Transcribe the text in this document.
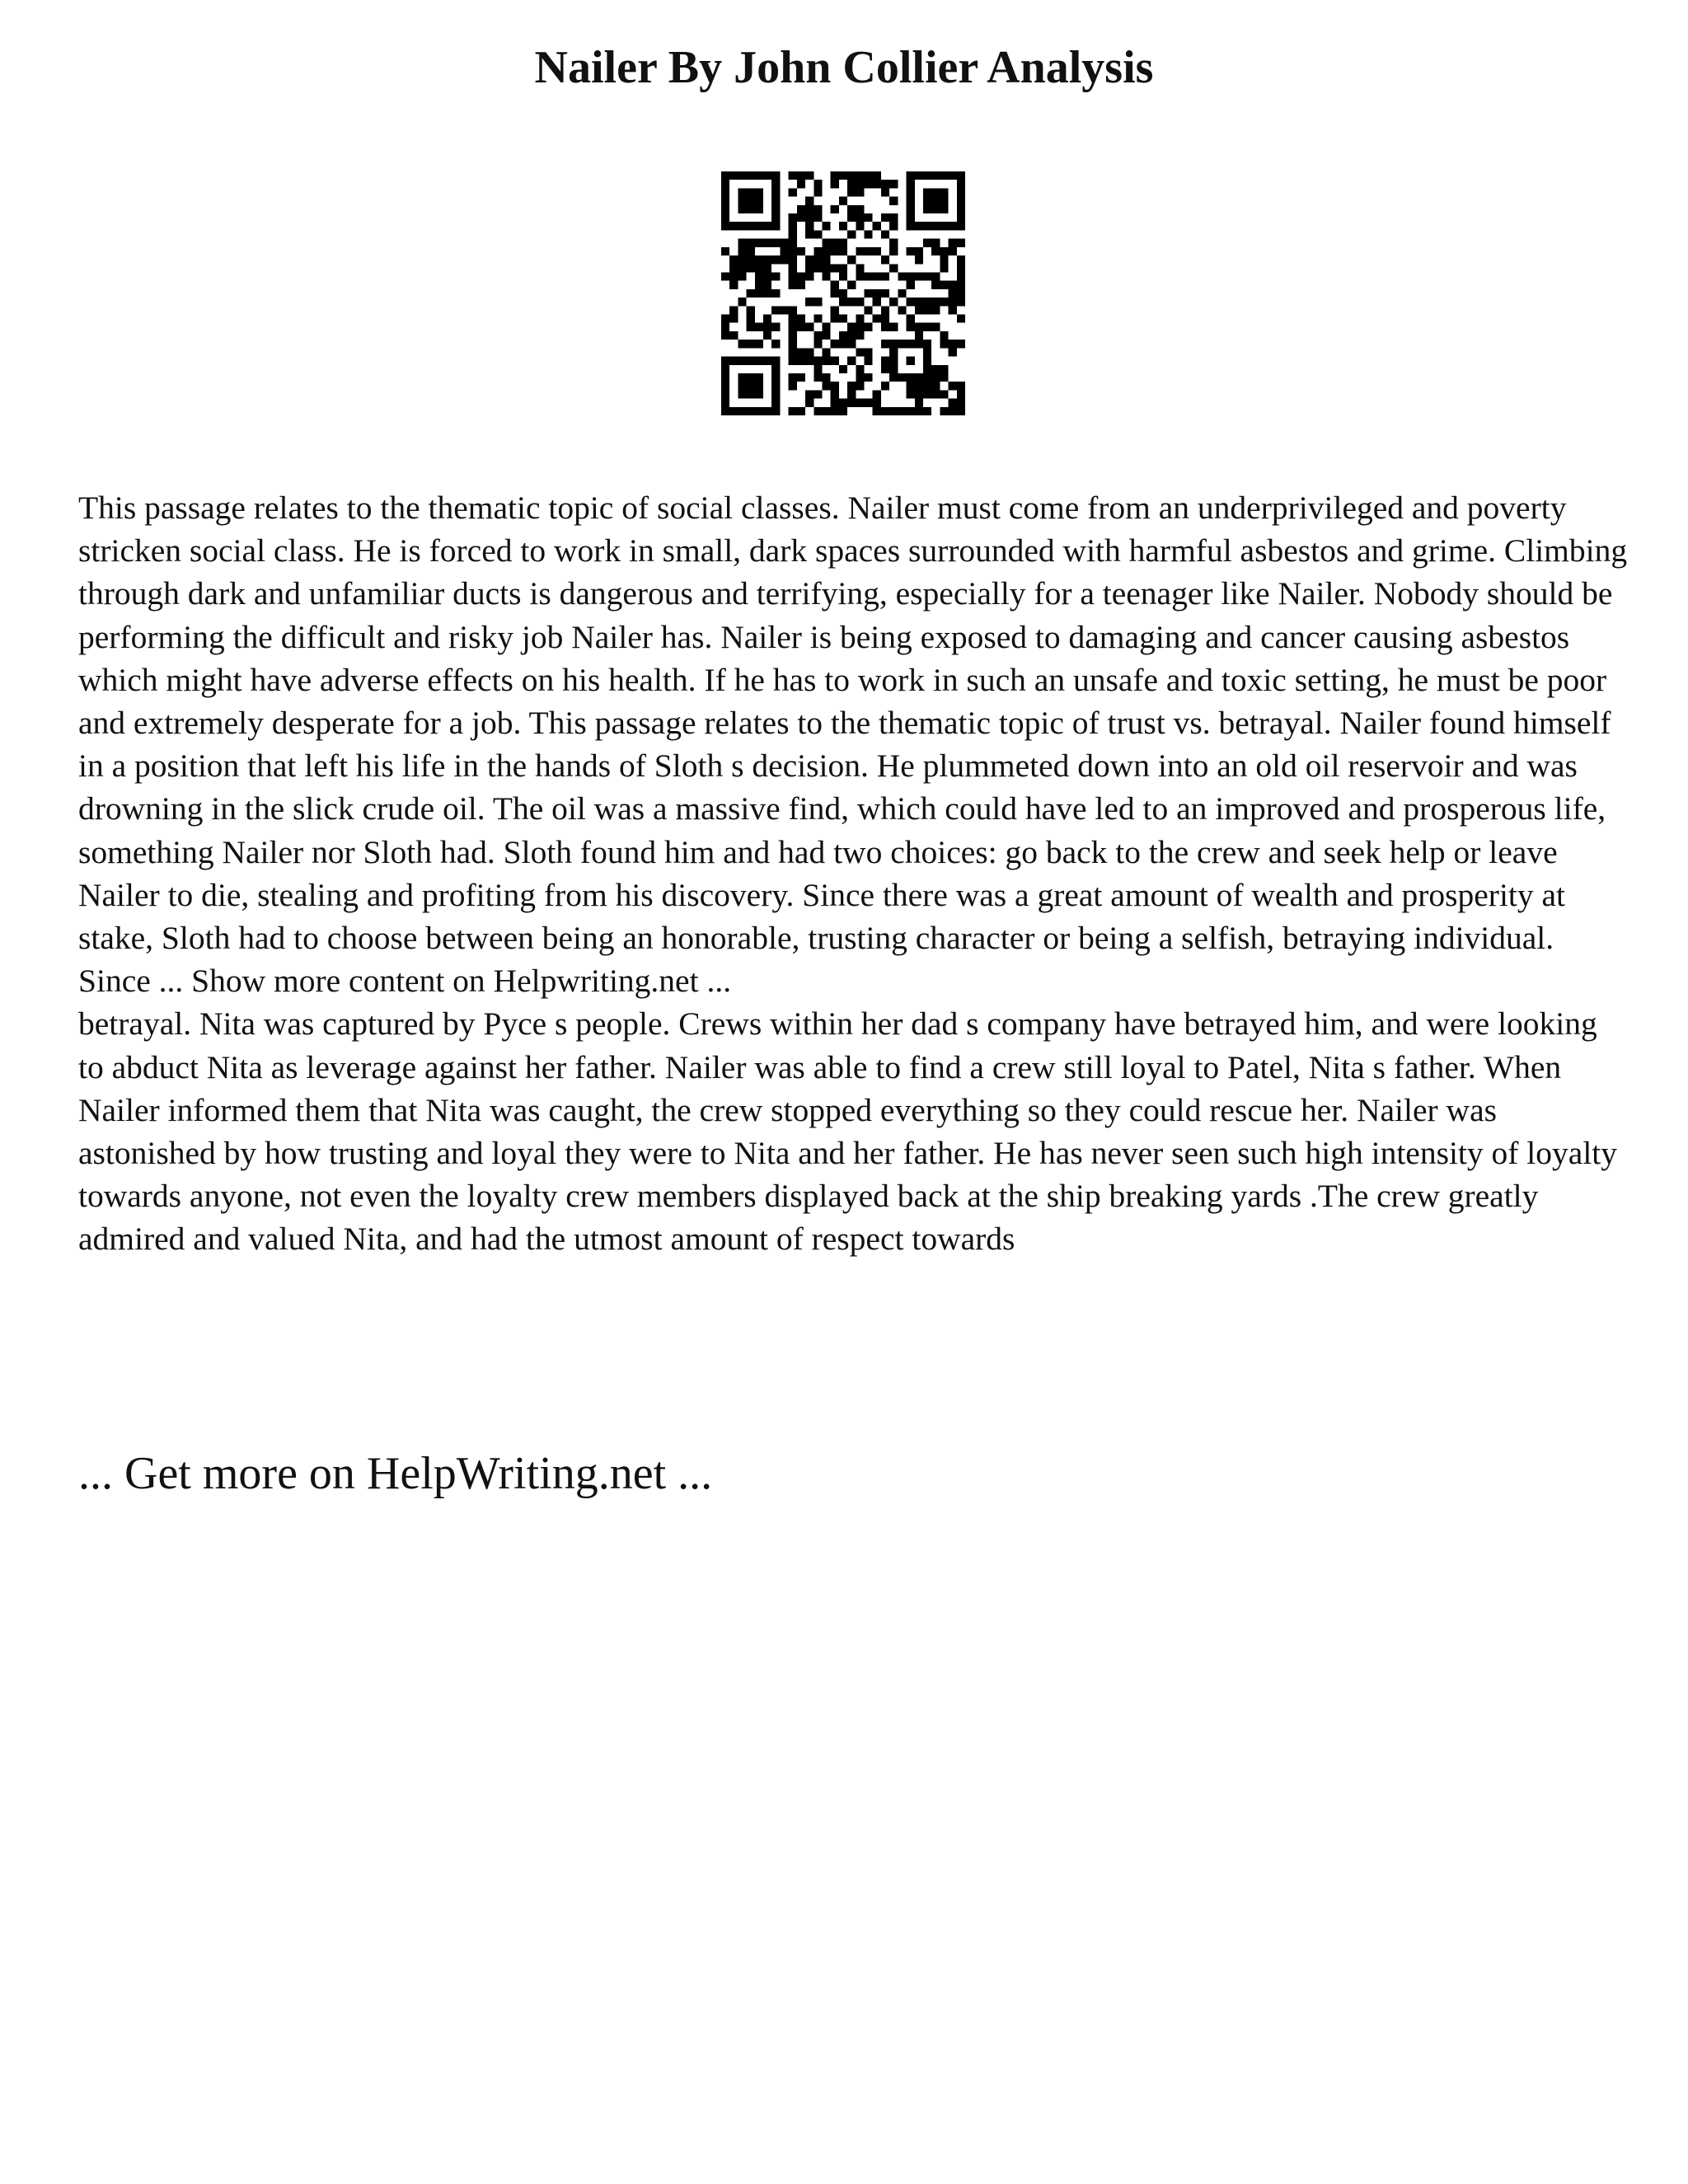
Nailer By John Collier Analysis

This passage relates to the thematic topic of social classes. Nailer must come from an underprivileged and poverty stricken social class. He is forced to work in small, dark spaces surrounded with harmful asbestos and grime. Climbing through dark and unfamiliar ducts is dangerous and terrifying, especially for a teenager like Nailer. Nobody should be performing the difficult and risky job Nailer has. Nailer is being exposed to damaging and cancer causing asbestos which might have adverse effects on his health. If he has to work in such an unsafe and toxic setting, he must be poor and extremely desperate for a job. This passage relates to the thematic topic of trust vs. betrayal. Nailer found himself in a position that left his life in the hands of Sloth s decision. He plummeted down into an old oil reservoir and was drowning in the slick crude oil. The oil was a massive find, which could have led to an improved and prosperous life, something Nailer nor Sloth had. Sloth found him and had two choices: go back to the crew and seek help or leave Nailer to die, stealing and profiting from his discovery. Since there was a great amount of wealth and prosperity at stake, Sloth had to choose between being an honorable, trusting character or being a selfish, betraying individual. Since ... Show more content on Helpwriting.net ...

betrayal. Nita was captured by Pyce s people. Crews within her dad s company have betrayed him, and were looking to abduct Nita as leverage against her father. Nailer was able to find a crew still loyal to Patel, Nita s father. When Nailer informed them that Nita was caught, the crew stopped everything so they could rescue her. Nailer was astonished by how trusting and loyal they were to Nita and her father. He has never seen such high intensity of loyalty towards anyone, not even the loyalty crew members displayed back at the ship breaking yards .The crew greatly admired and valued Nita, and had the utmost amount of respect towards

... Get more on HelpWriting.net ...
